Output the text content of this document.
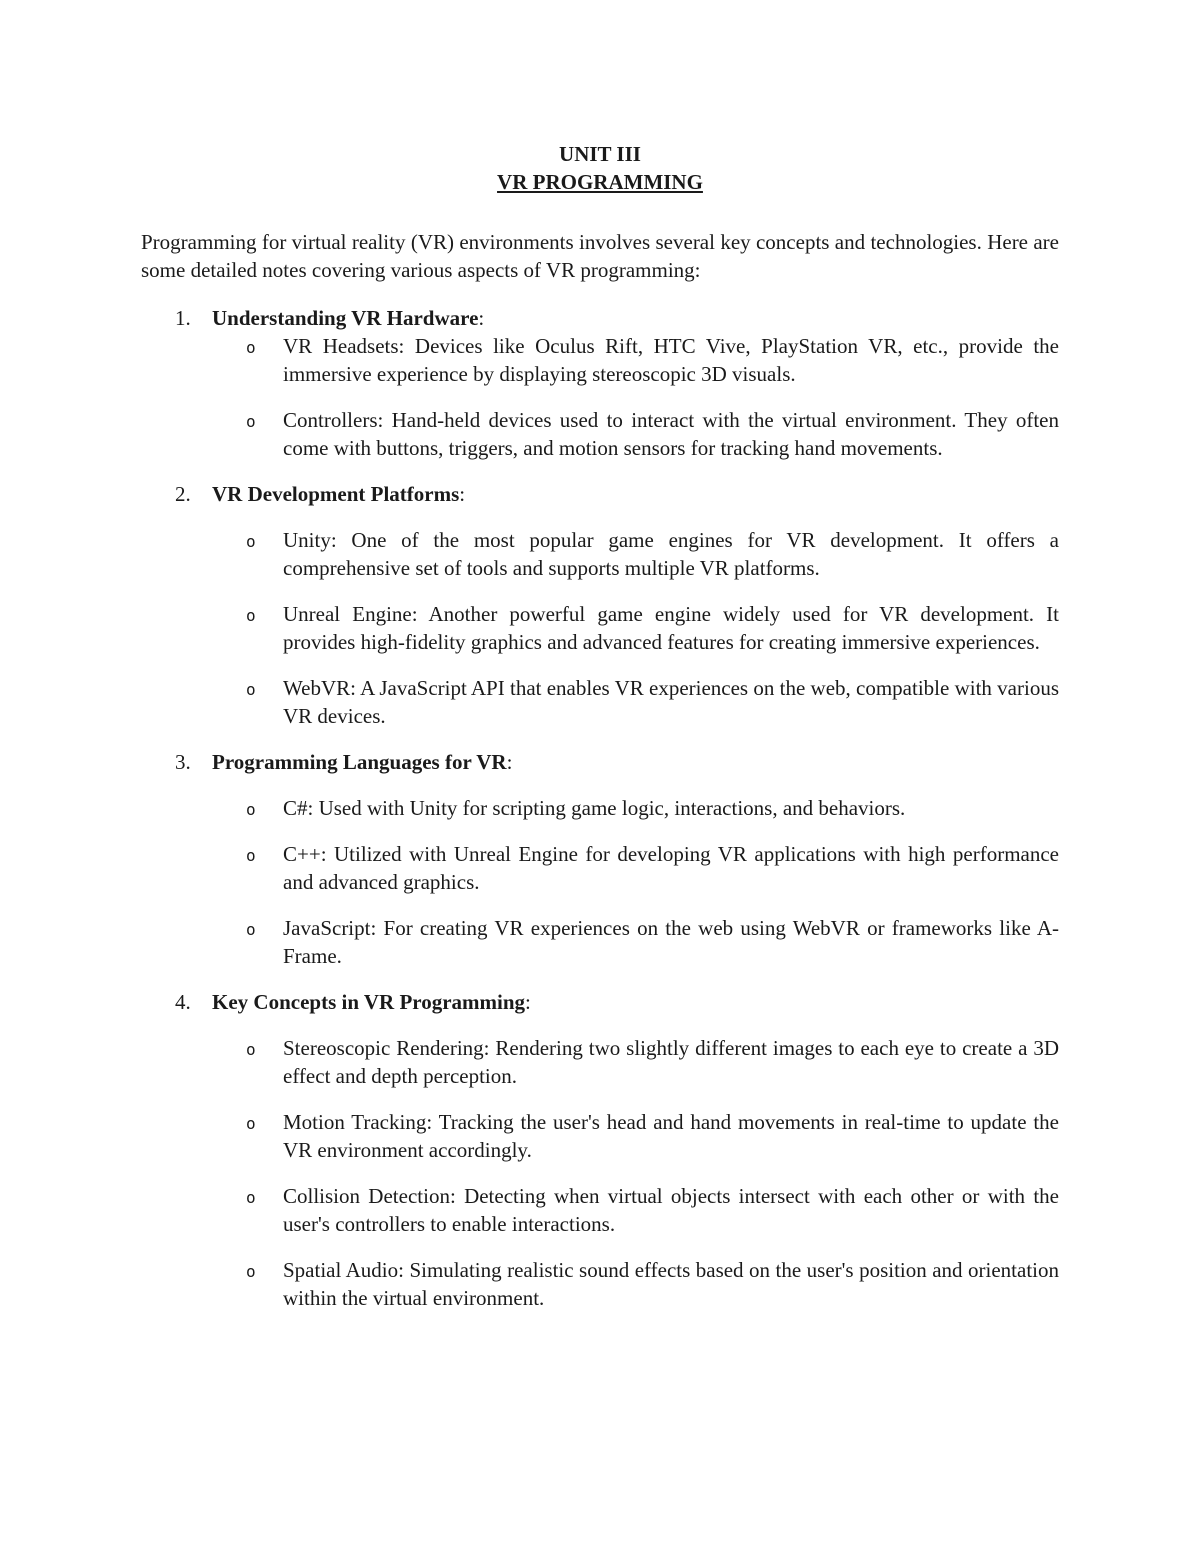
UNIT III

VR PROGRAMMING

Programming for virtual reality (VR) environments involves several key concepts and technologies. Here are some detailed notes covering various aspects of VR programming:

1. Understanding VR Hardware:

o VR Headsets: Devices like Oculus Rift, HTC Vive, PlayStation VR, etc., provide the immersive experience by displaying stereoscopic 3D visuals.
o Controllers: Hand-held devices used to interact with the virtual environment. They often come with buttons, triggers, and motion sensors for tracking hand movements.
2. VR Development Platforms:

o Unity: One of the most popular game engines for VR development. It offers a comprehensive set of tools and supports multiple VR platforms.
o Unreal Engine: Another powerful game engine widely used for VR development. It provides high-fidelity graphics and advanced features for creating immersive experiences.
o WebVR: A JavaScript API that enables VR experiences on the web, compatible with various VR devices.
3. Programming Languages for VR:

o C#: Used with Unity for scripting game logic, interactions, and behaviors.
o C++: Utilized with Unreal Engine for developing VR applications with high performance and advanced graphics.
o JavaScript: For creating VR experiences on the web using WebVR or frameworks like A-Frame.
4. Key Concepts in VR Programming:

o Stereoscopic Rendering: Rendering two slightly different images to each eye to create a 3D effect and depth perception.
o Motion Tracking: Tracking the user's head and hand movements in real-time to update the VR environment accordingly.
o Collision Detection: Detecting when virtual objects intersect with each other or with the user's controllers to enable interactions.
o Spatial Audio: Simulating realistic sound effects based on the user's position and orientation within the virtual environment.
